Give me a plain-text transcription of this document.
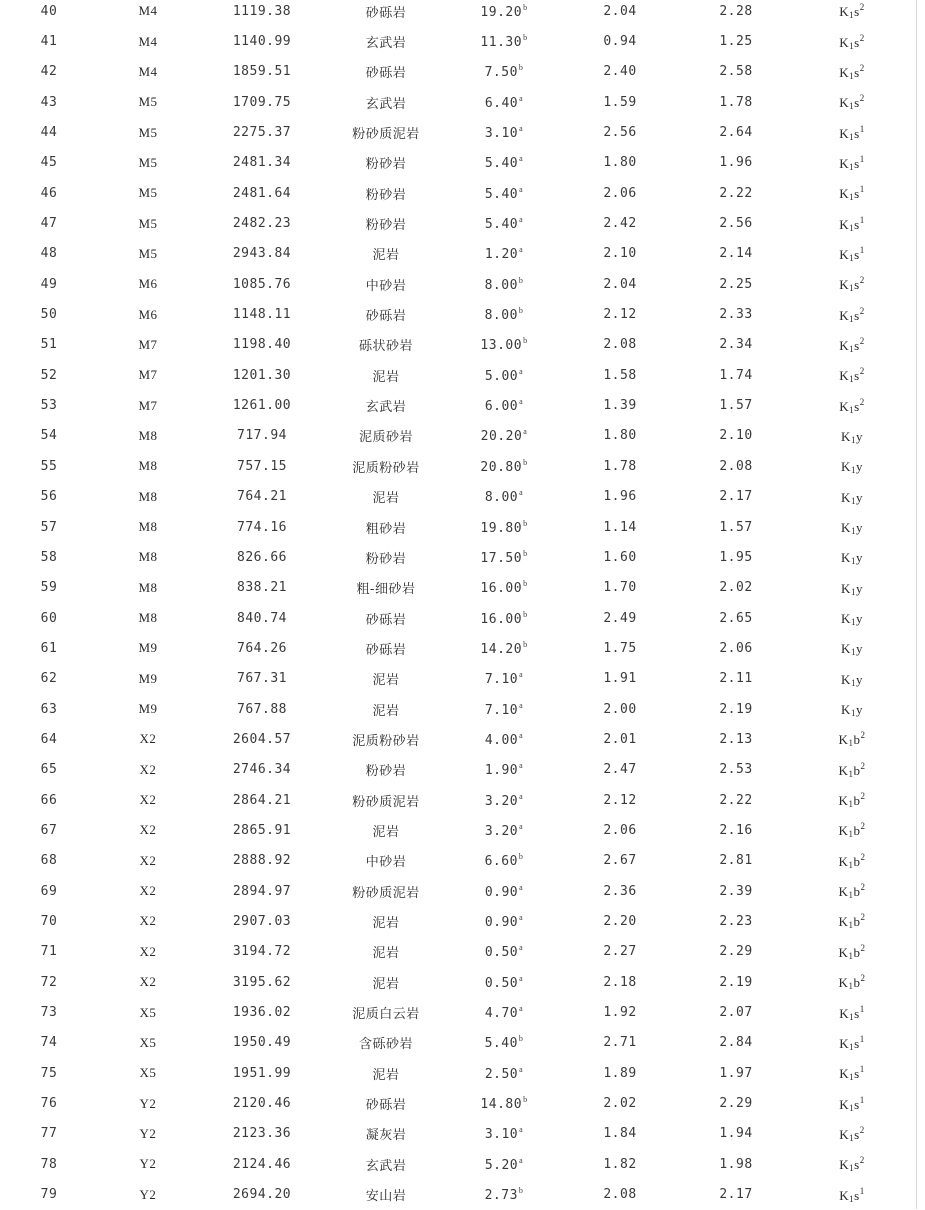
40	M4	1119.38	砂砾岩	19.20$^b$	2.04	2.28	$K_1s^2$
41	M4	1140.99	玄武岩	11.30$^b$	0.94	1.25	$K_1s^2$
42	M4	1859.51	砂砾岩	7.50$^b$	2.40	2.58	$K_1s^2$
43	M5	1709.75	玄武岩	6.40$^a$	1.59	1.78	$K_1s^2$
44	M5	2275.37	粉砂质泥岩	3.10$^a$	2.56	2.64	$K_1s^1$
45	M5	2481.34	粉砂岩	5.40$^a$	1.80	1.96	$K_1s^1$
46	M5	2481.64	粉砂岩	5.40$^a$	2.06	2.22	$K_1s^1$
47	M5	2482.23	粉砂岩	5.40$^a$	2.42	2.56	$K_1s^1$
48	M5	2943.84	泥岩	1.20$^a$	2.10	2.14	$K_1s^1$
49	M6	1085.76	中砂岩	8.00$^b$	2.04	2.25	$K_1s^2$
50	M6	1148.11	砂砾岩	8.00$^b$	2.12	2.33	$K_1s^2$
51	M7	1198.40	砾状砂岩	13.00$^b$	2.08	2.34	$K_1s^2$
52	M7	1201.30	泥岩	5.00$^a$	1.58	1.74	$K_1s^2$
53	M7	1261.00	玄武岩	6.00$^a$	1.39	1.57	$K_1s^2$
54	M8	717.94	泥质砂岩	20.20$^a$	1.80	2.10	$K_1y$
55	M8	757.15	泥质粉砂岩	20.80$^b$	1.78	2.08	$K_1y$
56	M8	764.21	泥岩	8.00$^a$	1.96	2.17	$K_1y$
57	M8	774.16	粗砂岩	19.80$^b$	1.14	1.57	$K_1y$
58	M8	826.66	粉砂岩	17.50$^b$	1.60	1.95	$K_1y$
59	M8	838.21	粗-细砂岩	16.00$^b$	1.70	2.02	$K_1y$
60	M8	840.74	砂砾岩	16.00$^b$	2.49	2.65	$K_1y$
61	M9	764.26	砂砾岩	14.20$^b$	1.75	2.06	$K_1y$
62	M9	767.31	泥岩	7.10$^a$	1.91	2.11	$K_1y$
63	M9	767.88	泥岩	7.10$^a$	2.00	2.19	$K_1y$
64	X2	2604.57	泥质粉砂岩	4.00$^a$	2.01	2.13	$K_1b^2$
65	X2	2746.34	粉砂岩	1.90$^a$	2.47	2.53	$K_1b^2$
66	X2	2864.21	粉砂质泥岩	3.20$^a$	2.12	2.22	$K_1b^2$
67	X2	2865.91	泥岩	3.20$^a$	2.06	2.16	$K_1b^2$
68	X2	2888.92	中砂岩	6.60$^b$	2.67	2.81	$K_1b^2$
69	X2	2894.97	粉砂质泥岩	0.90$^a$	2.36	2.39	$K_1b^2$
70	X2	2907.03	泥岩	0.90$^a$	2.20	2.23	$K_1b^2$
71	X2	3194.72	泥岩	0.50$^a$	2.27	2.29	$K_1b^2$
72	X2	3195.62	泥岩	0.50$^a$	2.18	2.19	$K_1b^2$
73	X5	1936.02	泥质白云岩	4.70$^a$	1.92	2.07	$K_1s^1$
74	X5	1950.49	含砾砂岩	5.40$^b$	2.71	2.84	$K_1s^1$
75	X5	1951.99	泥岩	2.50$^a$	1.89	1.97	$K_1s^1$
76	Y2	2120.46	砂砾岩	14.80$^b$	2.02	2.29	$K_1s^1$
77	Y2	2123.36	凝灰岩	3.10$^a$	1.84	1.94	$K_1s^2$
78	Y2	2124.46	玄武岩	5.20$^a$	1.82	1.98	$K_1s^2$
79	Y2	2694.20	安山岩	2.73$^b$	2.08	2.17	$K_1s^1$
